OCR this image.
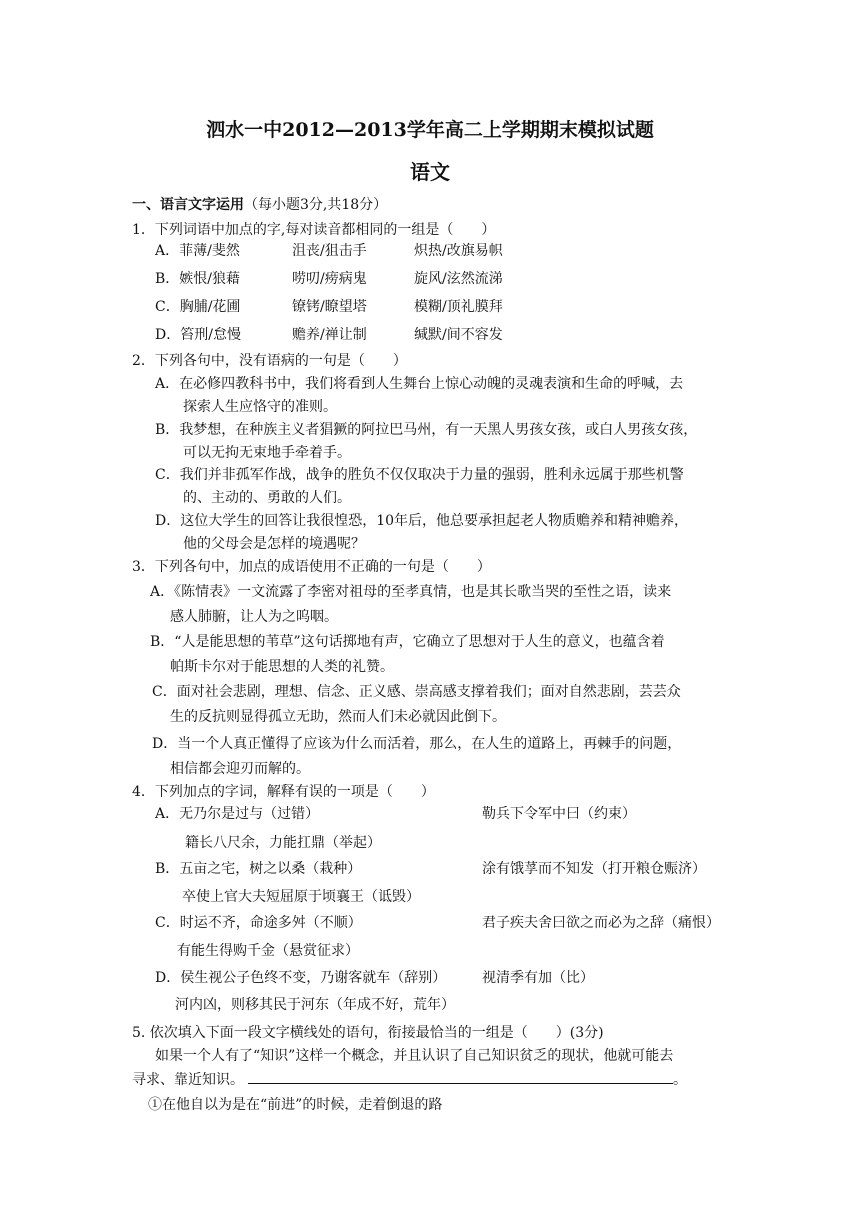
泗水一中2012—2013学年高二上学期期末模拟试题
语文
一、语言文字运用（每小题3分,共18分）
1．下列词语中加点的字,每对读音都相同的一组是（　　）
A．菲薄/斐然	沮丧/狙击手	炽热/改旗易帜
B．嫉恨/狼藉	唠叨/痨病鬼	旋风/泫然流涕
C．胸脯/花圃	镣铐/瞭望塔	模糊/顶礼膜拜
D．笞刑/怠慢	赡养/禅让制	缄默/间不容发
2．下列各句中，没有语病的一句是（　　）
A．在必修四教科书中，我们将看到人生舞台上惊心动魄的灵魂表演和生命的呼喊，去
探索人生应恪守的准则。
B．我梦想，在种族主义者猖獗的阿拉巴马州，有一天黑人男孩女孩，或白人男孩女孩，
可以无拘无束地手牵着手。
C．我们并非孤军作战，战争的胜负不仅仅取决于力量的强弱，胜利永远属于那些机警
的、主动的、勇敢的人们。
D．这位大学生的回答让我很惶恐，10年后，他总要承担起老人物质赡养和精神赡养，
他的父母会是怎样的境遇呢？
3．下列各句中，加点的成语使用不正确的一句是（　　）
A．《陈情表》一文流露了李密对祖母的至孝真情，也是其长歌当哭的至性之语，读来
感人肺腑，让人为之呜咽。
B．“人是能思想的苇草”这句话掷地有声，它确立了思想对于人生的意义，也蕴含着
帕斯卡尔对于能思想的人类的礼赞。
C．面对社会悲剧，理想、信念、正义感、崇高感支撑着我们；面对自然悲剧，芸芸众
生的反抗则显得孤立无助，然而人们未必就因此倒下。
D．当一个人真正懂得了应该为什么而活着，那么，在人生的道路上，再棘手的问题，
相信都会迎刃而解的。
4．下列加点的字词，解释有误的一项是（　　）
A．无乃尔是过与（过错）	勒兵下令军中曰（约束）
籍长八尺余，力能扛鼎（举起）
B．五亩之宅，树之以桑（栽种）	涂有饿莩而不知发（打开粮仓赈济）
卒使上官大夫短屈原于顷襄王（诋毁）
C．时运不齐，命途多舛（不顺）	君子疾夫舍曰欲之而必为之辞（痛恨）
有能生得购千金（悬赏征求）
D．侯生视公子色终不变，乃谢客就车（辞别）	视清季有加（比）
河内凶，则移其民于河东（年成不好，荒年）
5. 依次填入下面一段文字横线处的语句，衔接最恰当的一组是（　　）(3分)
如果一个人有了“知识”这样一个概念，并且认识了自己知识贫乏的现状，他就可能去
寻求、靠近知识。	。
①在他自以为是在“前进”的时候，走着倒退的路
